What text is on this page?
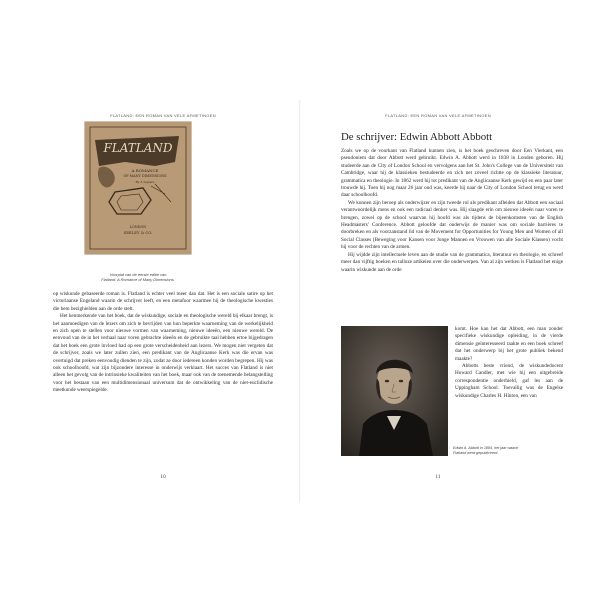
FLATLAND: EEN ROMAN VAN VELE AFMETINGEN
FLATLAND
A ROMANCE
OF MANY DIMENSIONS
By A Square
LONDON
SEELEY & CO.
Voorplat van de eerste editie van
Flatland: A Romance of Many Dimensions.

op wiskunde gebaseerde roman is. Flatland is echter veel meer dan dat. Het is een sociale satire op het victoriaanse Engeland waarin de schrijver leeft, en een metafoor waarmee hij de theologische kwesties die hem bezighielden aan de orde stelt.

Het kenmerkende van het boek, dat de wiskundige, sociale en theologische wereld bij elkaar brengt, is het aanmoedigen van de lezers om zich te bevrijden van hun beperkte waarneming van de werkelijkheid en zich open te stellen voor nieuwe vormen van waarneming, nieuwe ideeën, een nieuwe wereld. De eenvoud van de in het verhaal naar voren gebrachte ideeën en de gebruikte taal hebben ertoe bijgedragen dat het boek een grote invloed had op een grote verscheidenheid aan lezers. We mogen niet vergeten dat de schrijver, zoals we later zullen zien, een predikant van de Anglicaanse Kerk was die ervan was overtuigd dat preken eenvoudig dienden te zijn, zodat ze door iedereen konden worden begrepen. Hij was ook schoolhoofd, wat zijn bijzondere interesse in onderwijs verklaart. Het succes van Flatland is niet alleen het gevolg van de intrinsieke kwaliteiten van het boek, maar ook van de toenemende belangstelling voor het bestaan van een multidimensionaal universum dat de ontwikkeling van de niet-euclidische meetkunde weerspiegelde.

10
FLATLAND: EEN ROMAN VAN VELE AFMETINGEN
De schrijver: Edwin Abbott Abbott

Zoals we op de voorkant van Flatland kunnen zien, is het boek geschreven door Een Vierkant, een pseudoniem dat door Abbott werd gebruikt. Edwin A. Abbott werd in 1838 in Londen geboren. Hij studeerde aan de City of London School en vervolgens aan het St. John's College van de Universiteit van Cambridge, waar hij de klassieken bestudeerde en zich net zoveel richtte op de klassieke literatuur, grammatica en theologie. In 1862 werd hij tot predikant van de Anglicaanse Kerk gewijd en een paar later trouwde hij. Toen hij nog maar 26 jaar oud was, keerde hij naar de City of London School terug en werd daar schoolhoofd.

We kunnen zijn beroep als onderwijzer en zijn tweede rol als predikant afleiden dat Abbott een sociaal verantwoordelijk mens en ook een radicaal denker was. Hij slaagde erin om nieuwe ideeën naar voren te brengen, zowel op de school waarvan hij hoofd was als tijdens de bijeenkomsten van de English Headmasters' Conference. Abbott geloofde dat onderwijs de manier was om sociale barrières te doorbreken en als voorzanstand lid van de Movement for Opportunities for Young Men and Women of all Social Classes (Beweging voor Kansen voor Jonge Mannen en Vrouwen van alle Sociale Klassen) vocht hij voor de rechten van de armen.

Hij wijdde zijn intellectuele leven aan de studie van de grammatica, literatuur en theologie, en schreef meer dan vijftig boeken en talloze artikelen over die onderwerpen. Van al zijn werken is Flatland het enige waarin wiskunde aan de orde

komt. Hoe kan het dat Abbott, een man zonder specifieke wiskundige opleiding, in de vierde dimensie geïnteresseerd raakte en een boek schreef dat het onderwerp bij het grote publiek bekend maakte?

Abbotts beste vriend, de wiskundedocent Howard Candler, met wie hij een uitgebreide correspondentie onderhield, gaf les aan de Uppingham School. Toevallig was de Engelse wiskundige Charles H. Hinton, een van

Edwin A. Abbott in 1884, het jaar waarin
Flatland werd gepubliceerd.
11
